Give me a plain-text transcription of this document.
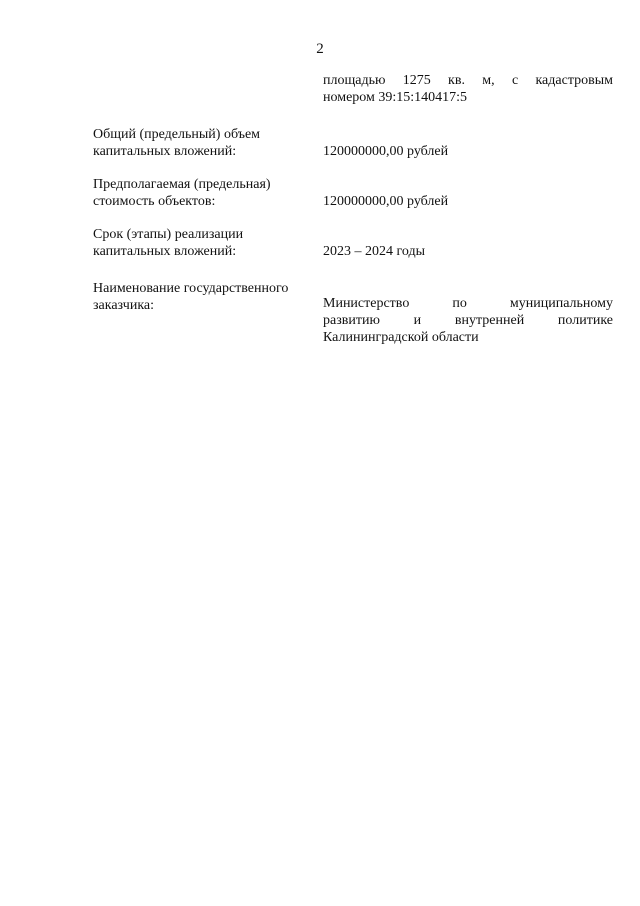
2
площадью 1275 кв. м, с кадастровым
номером 39:15:140417:5
Общий (предельный) объем
капитальных вложений:	120000000,00 рублей
Предполагаемая (предельная)
стоимость объектов:	120000000,00 рублей
Срок (этапы) реализации
капитальных вложений:	2023 – 2024 годы
Наименование государственного
заказчика:	Министерство по муниципальному
развитию и внутренней политике
Калининградской области
